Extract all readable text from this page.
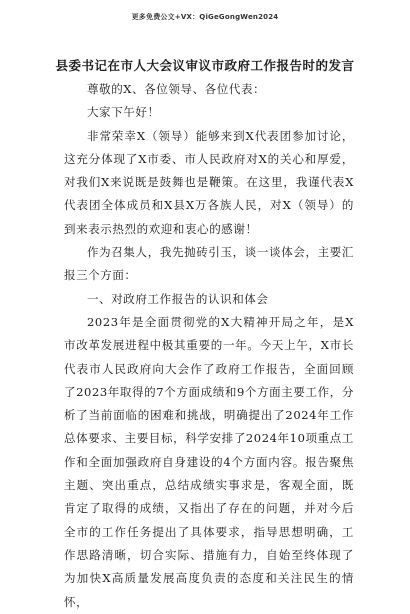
更多免费公文+VX：QiGeGongWen2024
县委书记在市人大会议审议市政府工作报告时的发言

尊敬的X、各位领导、各位代表：

大家下午好！

非常荣幸X（领导）能够来到X代表团参加讨论，这充分体现了X市委、市人民政府对X的关心和厚爱，对我们X来说既是鼓舞也是鞭策。在这里，我谨代表X代表团全体成员和X县X万各族人民，对X（领导）的到来表示热烈的欢迎和衷心的感谢！

作为召集人，我先抛砖引玉，谈一谈体会，主要汇报三个方面：

一、对政府工作报告的认识和体会

2023年是全面贯彻党的X大精神开局之年，是X市改革发展进程中极其重要的一年。今天上午，X市长代表市人民政府向大会作了政府工作报告，全面回顾了2023年取得的7个方面成绩和9个方面主要工作，分析了当前面临的困难和挑战，明确提出了2024年工作总体要求、主要目标，科学安排了2024年10项重点工作和全面加强政府自身建设的4个方面内容。报告聚焦主题、突出重点，总结成绩实事求是，客观全面，既肯定了取得的成绩，又指出了存在的问题，并对今后全市的工作任务提出了具体要求，指导思想明确，工作思路清晰，切合实际、措施有力，自始至终体现了为加快X高质量发展高度负责的态度和关注民生的情怀，
